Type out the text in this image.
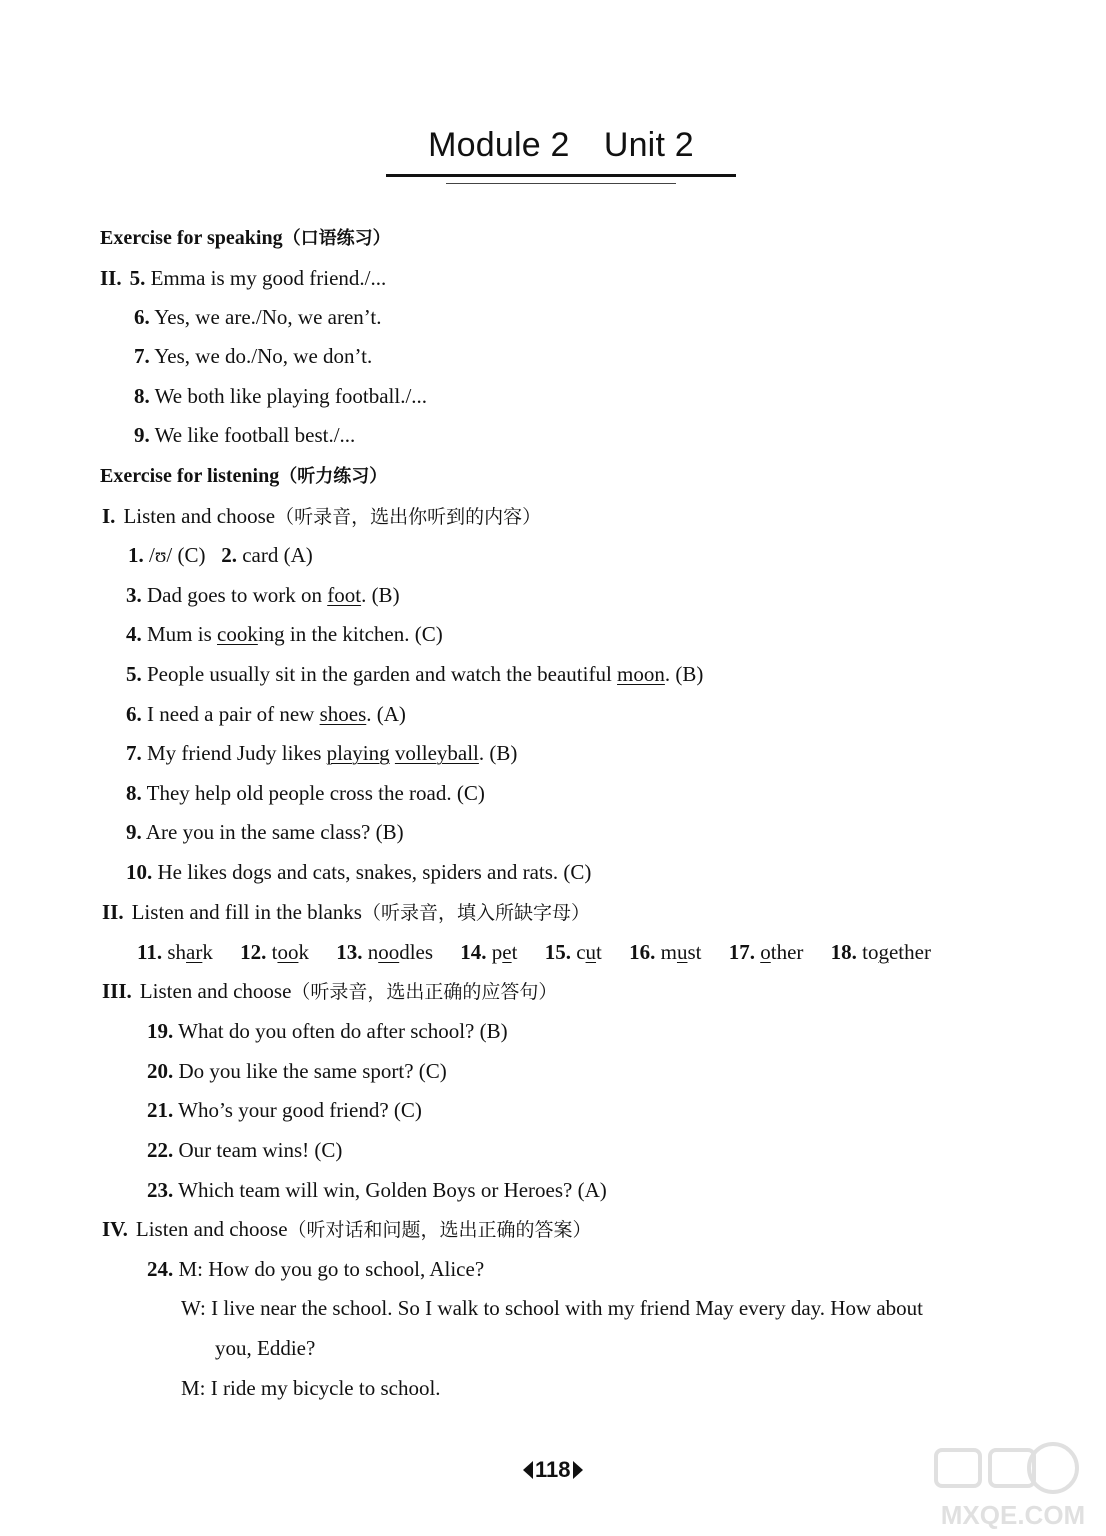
Module 2　Unit 2
Exercise for speaking（口语练习）
II. 5. Emma is my good friend./...
6. Yes, we are./No, we aren’t.
7. Yes, we do./No, we don’t.
8. We both like playing football./...
9. We like football best./...
Exercise for listening（听力练习）
I. Listen and choose（听录音，选出你听到的内容）
1. /ʊ/ (C) 2. card (A)
3. Dad goes to work on foot. (B)
4. Mum is cooking in the kitchen. (C)
5. People usually sit in the garden and watch the beautiful moon. (B)
6. I need a pair of new shoes. (A)
7. My friend Judy likes playing volleyball. (B)
8. They help old people cross the road. (C)
9. Are you in the same class? (B)
10. He likes dogs and cats, snakes, spiders and rats. (C)
II. Listen and fill in the blanks（听录音，填入所缺字母）
11. shark 12. took 13. noodles 14. pet 15. cut 16. must 17. other 18. together
III. Listen and choose（听录音，选出正确的应答句）
19. What do you often do after school? (B)
20. Do you like the same sport? (C)
21. Who’s your good friend? (C)
22. Our team wins! (C)
23. Which team will win, Golden Boys or Heroes? (A)
IV. Listen and choose（听对话和问题，选出正确的答案）
24. M: How do you go to school, Alice?
W: I live near the school. So I walk to school with my friend May every day. How about
you, Eddie?
M: I ride my bicycle to school.
118
MXQE.COM
